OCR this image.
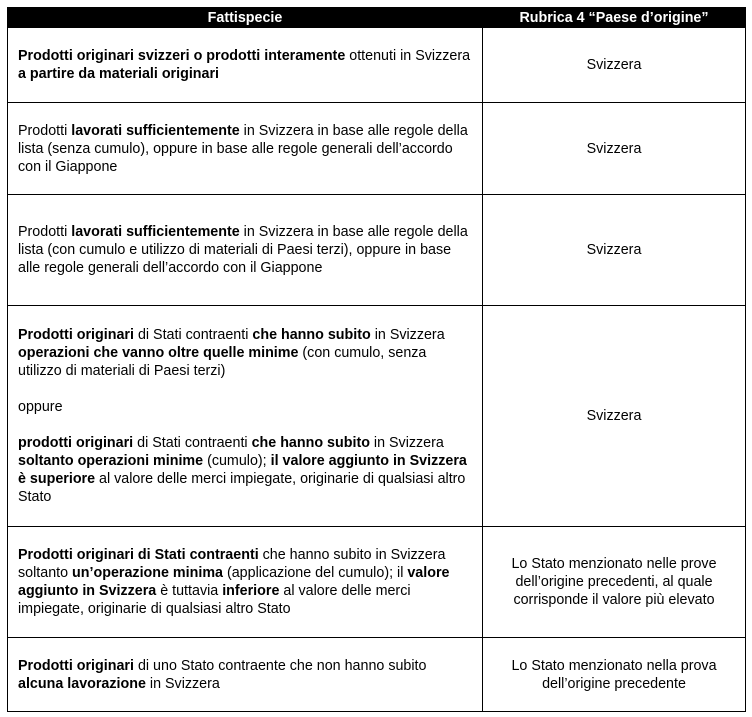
Fattispecie	Rubrica 4 “Paese d’origine”

Prodotti originari svizzeri o prodotti interamente ottenuti in Svizzera a partire da materiali originari	Svizzera

Prodotti lavorati sufficientemente in Svizzera in base alle regole della lista (senza cumulo), oppure in base alle regole generali dell’accordo con il Giappone	Svizzera

Prodotti lavorati sufficientemente in Svizzera in base alle regole della lista (con cumulo e utilizzo di materiali di Paesi terzi), oppure in base alle regole generali dell’accordo con il Giappone	Svizzera

Prodotti originari di Stati contraenti che hanno subito in Svizzera operazioni che vanno oltre quelle minime (con cumulo, senza utilizzo di materiali di Paesi terzi)

oppure

prodotti originari di Stati contraenti che hanno subito in Svizzera soltanto operazioni minime (cumulo); il valore aggiunto in Svizzera è superiore al valore delle merci impiegate, originarie di qualsiasi altro Stato	Svizzera

Prodotti originari di Stati contraenti che hanno subito in Svizzera soltanto un’operazione minima (applicazione del cumulo); il valore aggiunto in Svizzera è tuttavia inferiore al valore delle merci impiegate, originarie di qualsiasi altro Stato	Lo Stato menzionato nelle prove dell’origine precedenti, al quale corrisponde il valore più elevato

Prodotti originari di uno Stato contraente che non hanno subito alcuna lavorazione in Svizzera	Lo Stato menzionato nella prova dell’origine precedente
